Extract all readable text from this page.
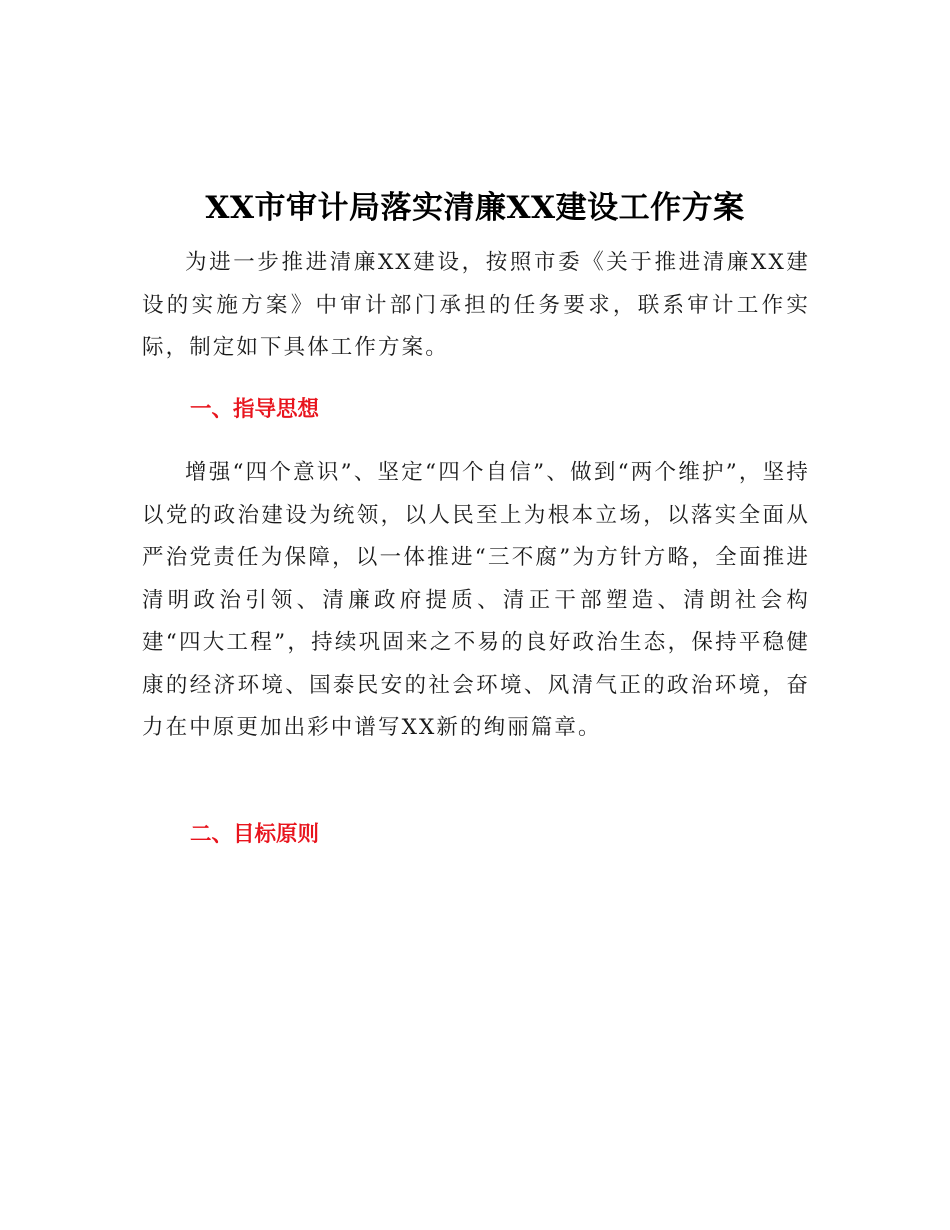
XX市审计局落实清廉XX建设工作方案

为进一步推进清廉XX建设，按照市委《关于推进清廉XX建设的实施方案》中审计部门承担的任务要求，联系审计工作实际，制定如下具体工作方案。

一、指导思想

增强“四个意识”、坚定“四个自信”、做到“两个维护”，坚持以党的政治建设为统领，以人民至上为根本立场，以落实全面从严治党责任为保障，以一体推进“三不腐”为方针方略，全面推进清明政治引领、清廉政府提质、清正干部塑造、清朗社会构建“四大工程”，持续巩固来之不易的良好政治生态，保持平稳健康的经济环境、国泰民安的社会环境、风清气正的政治环境，奋力在中原更加出彩中谱写XX新的绚丽篇章。

二、目标原则
